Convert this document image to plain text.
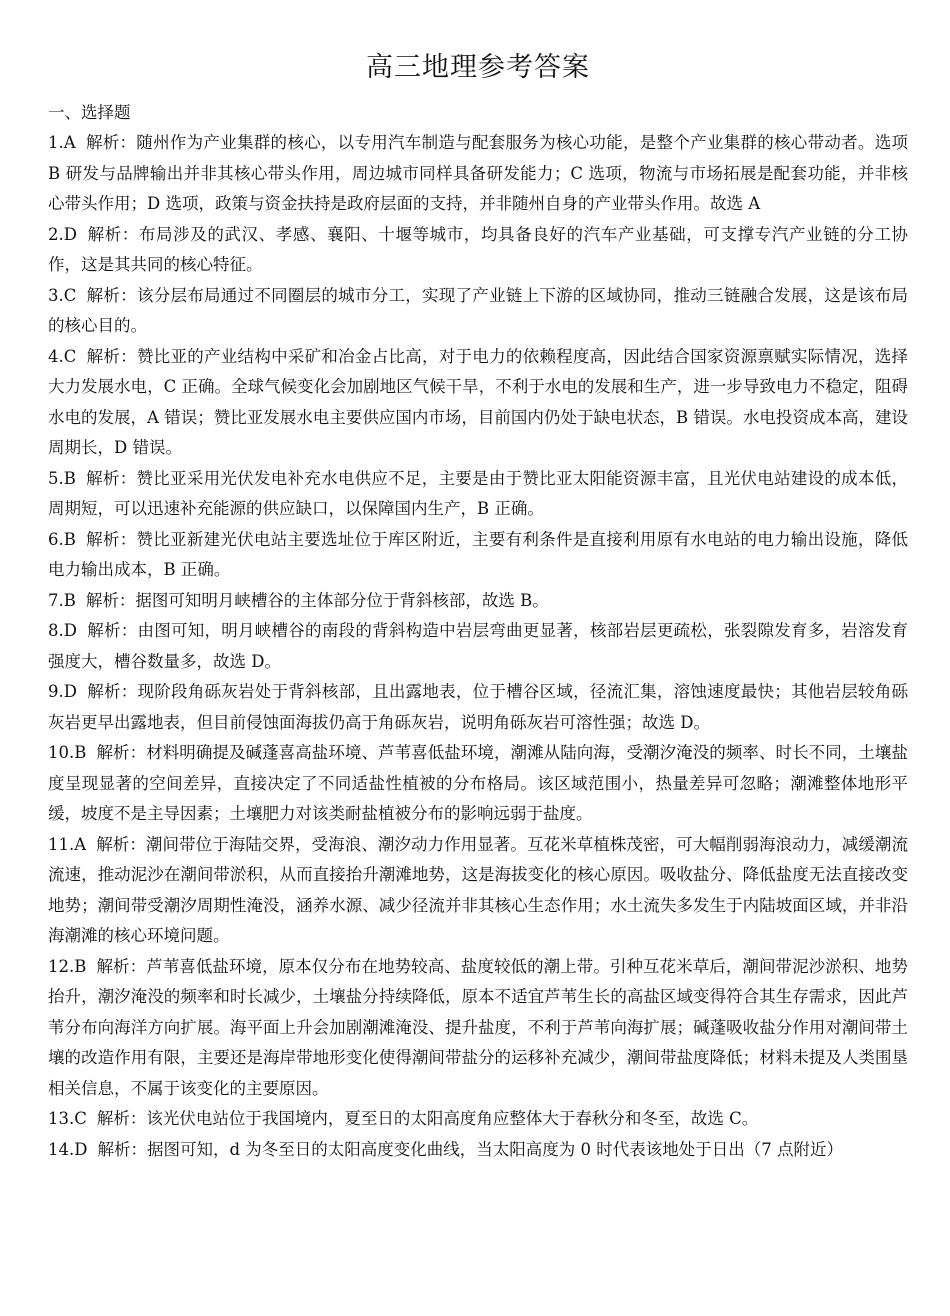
高三地理参考答案
一、选择题

1.A 解析：随州作为产业集群的核心，以专用汽车制造与配套服务为核心功能，是整个产业集群的核心带动者。选项 B 研发与品牌输出并非其核心带头作用，周边城市同样具备研发能力；C 选项，物流与市场拓展是配套功能，并非核心带头作用；D 选项，政策与资金扶持是政府层面的支持，并非随州自身的产业带头作用。故选 A

2.D 解析：布局涉及的武汉、孝感、襄阳、十堰等城市，均具备良好的汽车产业基础，可支撑专汽产业链的分工协作，这是其共同的核心特征。

3.C 解析：该分层布局通过不同圈层的城市分工，实现了产业链上下游的区域协同，推动三链融合发展，这是该布局的核心目的。

4.C 解析：赞比亚的产业结构中采矿和冶金占比高，对于电力的依赖程度高，因此结合国家资源禀赋实际情况，选择大力发展水电，C 正确。全球气候变化会加剧地区气候干旱，不利于水电的发展和生产，进一步导致电力不稳定，阻碍水电的发展，A 错误；赞比亚发展水电主要供应国内市场，目前国内仍处于缺电状态，B 错误。水电投资成本高，建设周期长，D 错误。

5.B 解析：赞比亚采用光伏发电补充水电供应不足，主要是由于赞比亚太阳能资源丰富，且光伏电站建设的成本低，周期短，可以迅速补充能源的供应缺口，以保障国内生产，B 正确。

6.B 解析：赞比亚新建光伏电站主要选址位于库区附近，主要有利条件是直接利用原有水电站的电力输出设施，降低电力输出成本，B 正确。

7.B 解析：据图可知明月峡槽谷的主体部分位于背斜核部，故选 B。

8.D 解析：由图可知，明月峡槽谷的南段的背斜构造中岩层弯曲更显著，核部岩层更疏松，张裂隙发育多，岩溶发育强度大，槽谷数量多，故选 D。

9.D 解析：现阶段角砾灰岩处于背斜核部，且出露地表，位于槽谷区域，径流汇集，溶蚀速度最快；其他岩层较角砾灰岩更早出露地表，但目前侵蚀面海拔仍高于角砾灰岩，说明角砾灰岩可溶性强；故选 D。

10.B 解析：材料明确提及碱蓬喜高盐环境、芦苇喜低盐环境，潮滩从陆向海，受潮汐淹没的频率、时长不同，土壤盐度呈现显著的空间差异，直接决定了不同适盐性植被的分布格局。该区域范围小，热量差异可忽略；潮滩整体地形平缓，坡度不是主导因素；土壤肥力对该类耐盐植被分布的影响远弱于盐度。

11.A 解析：潮间带位于海陆交界，受海浪、潮汐动力作用显著。互花米草植株茂密，可大幅削弱海浪动力，减缓潮流流速，推动泥沙在潮间带淤积，从而直接抬升潮滩地势，这是海拔变化的核心原因。吸收盐分、降低盐度无法直接改变地势；潮间带受潮汐周期性淹没，涵养水源、减少径流并非其核心生态作用；水土流失多发生于内陆坡面区域，并非沿海潮滩的核心环境问题。

12.B 解析：芦苇喜低盐环境，原本仅分布在地势较高、盐度较低的潮上带。引种互花米草后，潮间带泥沙淤积、地势抬升，潮汐淹没的频率和时长减少，土壤盐分持续降低，原本不适宜芦苇生长的高盐区域变得符合其生存需求，因此芦苇分布向海洋方向扩展。海平面上升会加剧潮滩淹没、提升盐度，不利于芦苇向海扩展；碱蓬吸收盐分作用对潮间带土壤的改造作用有限，主要还是海岸带地形变化使得潮间带盐分的运移补充减少，潮间带盐度降低；材料未提及人类围垦相关信息，不属于该变化的主要原因。

13.C 解析：该光伏电站位于我国境内，夏至日的太阳高度角应整体大于春秋分和冬至，故选 C。

14.D 解析：据图可知，d 为冬至日的太阳高度变化曲线，当太阳高度为 0 时代表该地处于日出（7 点附近）
